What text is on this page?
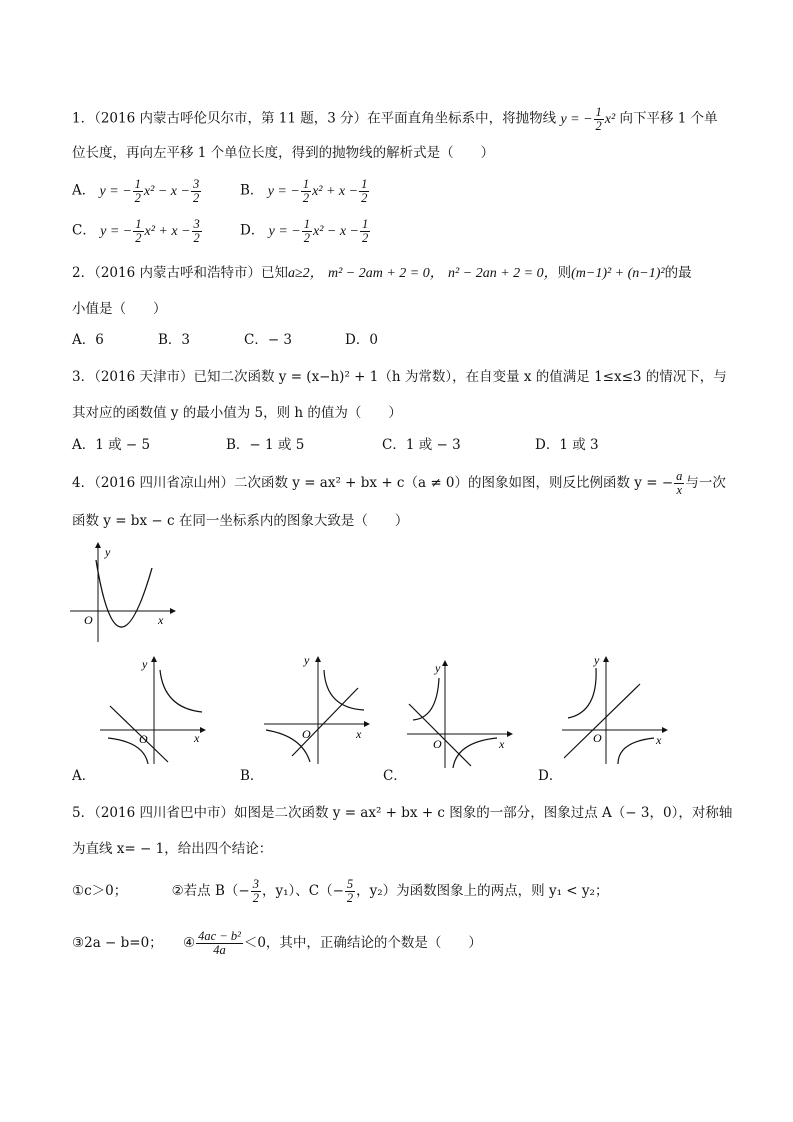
1．（2016 内蒙古呼伦贝尔市，第 11 题，3 分）在平面直角坐标系中，将抛物线 y = − $\frac{1}{2} x^2$ 向下平移 1 个单
位长度，再向左平移 1 个单位长度，得到的抛物线的解析式是（　　）
A． y = − $\frac{1}{2} x^2 - x - \frac{3}{2}$	B． y = − $\frac{1}{2} x^2 + x - \frac{1}{2}$
C． y = − $\frac{1}{2} x^2 + x - \frac{3}{2}$	D． y = − $\frac{1}{2} x^2 - x - \frac{1}{2}$
2．（2016 内蒙古呼和浩特市）已知a≥2， m² − 2am + 2 = 0， n² − 2an + 2 = 0，则(m−1)² + (n−1)²的最
小值是（　　）
A．6	B．3	C．− 3	D．0
3．（2016 天津市）已知二次函数 y = (x−h)² + 1（h 为常数），在自变量 x 的值满足 1≤x≤3 的情况下，与
其对应的函数值 y 的最小值为 5，则 h 的值为（　　）
A．1 或 − 5	B．− 1 或 5	C．1 或 − 3	D．1 或 3
4．（2016 四川省凉山州）二次函数 y = ax² + bx + c（a ≠ 0）的图象如图，则反比例函数 y = − $\frac{a}{x}$ 与一次
函数 y = bx − c 在同一坐标系内的图象大致是（　　）
y
x
O
y
x
O
y
x
O
y
x
O
y
x
O
A．	B．	C．	D．
5．（2016 四川省巴中市）如图是二次函数 y = ax² + bx + c 图象的一部分，图象过点 A（− 3，0），对称轴
为直线 x= − 1，给出四个结论：
①c＞0；	②若点 $B(- \frac{3}{2}$ ，y₁）、$C(- \frac{5}{2}$ ，y₂）为函数图象上的两点，则 y₁ < y₂；
③2a − b=0； ④ $\frac{\text{4ac − b²}}{4a} <0$，其中，正确结论的个数是（　　）
